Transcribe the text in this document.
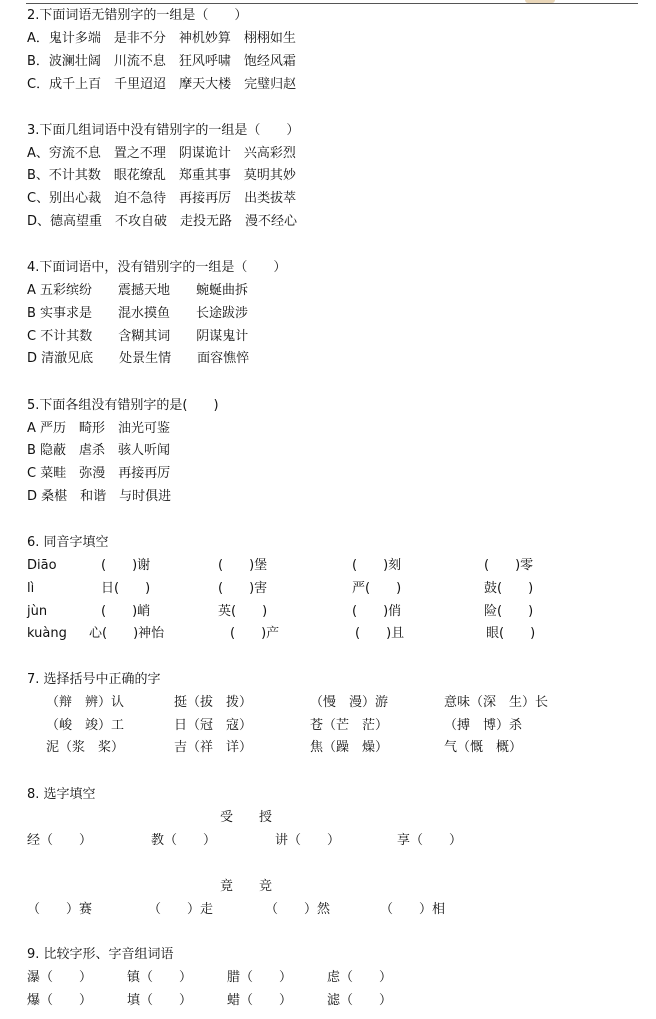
2.下面词语无错别字的一组是（　　）
A．鬼计多端　是非不分　神机妙算　栩栩如生
B．波澜壮阔　川流不息　狂风呼啸　饱经风霜
C．成千上百　千里迢迢　摩天大楼　完璧归赵
3.下面几组词语中没有错别字的一组是（　　）
A、穷流不息　置之不理　阴谋诡计　兴高彩烈
B、不计其数　眼花缭乱　郑重其事　莫明其妙
C、别出心裁　迫不急待　再接再厉　出类拔萃
D、德高望重　不攻自破　走投无路　漫不经心
4.下面词语中，没有错别字的一组是（　　）
A 五彩缤纷　　震撼天地　　蜿蜒曲拆
B 实事求是　　混水摸鱼　　长途跋涉
C 不计其数　　含糊其词　　阴谋鬼计
D 清澈见底　　处景生情　　面容憔悴
5.下面各组没有错别字的是(　　)
A 严历　畸形　油光可鉴
B 隐蔽　虐杀　骇人听闻
C 菜畦　弥漫　再接再厉
D 桑椹　和谐　与时俱进
6. 同音字填空
Diāo	(　　)谢	(　　)堡	(　　)刻	(　　)零
lì	日(　　)	(　　)害	严(　　)	鼓(　　)
jùn	(　　)峭	英(　　)	(　　)俏	险(　　)
kuàng 心(　　)神怡	(　　)产	(　　)且	眼(　　)
7. 选择括号中正确的字
（辩　辨）认	挺（拔　拨）	（慢　漫）游	意味（深　生）长
（峻　竣）工	日（冠　寇）	苍（芒　茫）	（搏　博）杀
泥（浆　桨）	吉（祥　详）	焦（躁　燥）	气（慨　概）
8. 选字填空
受　　授
经（　　）	教（　　）	讲（　　）	享（　　）
竟　　竞
（　　）赛	（　　）走	（　　）然	（　　）相
9. 比较字形、字音组词语
瀑（　　）	镇（　　）	腊（　　）	虑（　　）
爆（　　）	填（　　）	蜡（　　）	滤（　　）
